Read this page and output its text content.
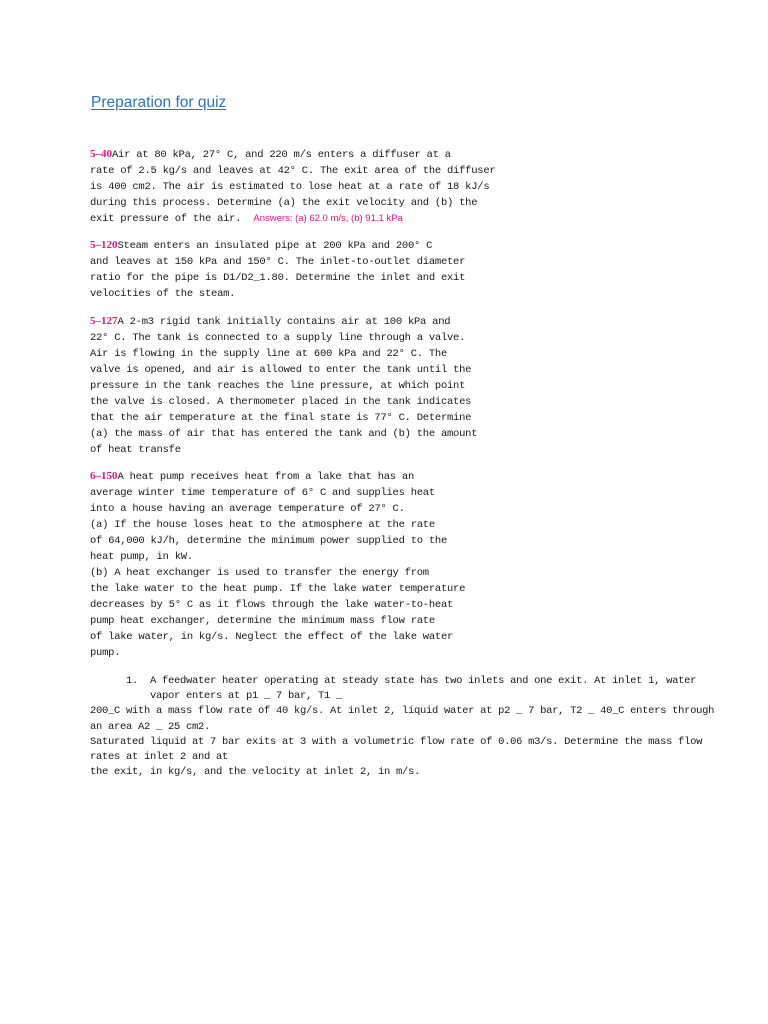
Preparation for quiz
5–40Air at 80 kPa, 27° C, and 220 m/s enters a diffuser at a
rate of 2.5 kg/s and leaves at 42° C. The exit area of the diffuser
is 400 cm2. The air is estimated to lose heat at a rate of 18 kJ/s
during this process. Determine (a) the exit velocity and (b) the
exit pressure of the air. Answers: (a) 62.0 m/s, (b) 91.1 kPa
5–120Steam enters an insulated pipe at 200 kPa and 200° C
and leaves at 150 kPa and 150° C. The inlet-to-outlet diameter
ratio for the pipe is D1/D2_1.80. Determine the inlet and exit
velocities of the steam.
5–127A 2-m3 rigid tank initially contains air at 100 kPa and
22° C. The tank is connected to a supply line through a valve.
Air is flowing in the supply line at 600 kPa and 22° C. The
valve is opened, and air is allowed to enter the tank until the
pressure in the tank reaches the line pressure, at which point
the valve is closed. A thermometer placed in the tank indicates
that the air temperature at the final state is 77° C. Determine
(a) the mass of air that has entered the tank and (b) the amount
of heat transfe
6–150A heat pump receives heat from a lake that has an
average winter time temperature of 6° C and supplies heat
into a house having an average temperature of 27° C.
(a) If the house loses heat to the atmosphere at the rate
of 64,000 kJ/h, determine the minimum power supplied to the
heat pump, in kW.
(b) A heat exchanger is used to transfer the energy from
the lake water to the heat pump. If the lake water temperature
decreases by 5° C as it flows through the lake water-to-heat
pump heat exchanger, determine the minimum mass flow rate
of lake water, in kg/s. Neglect the effect of the lake water
pump.
1. A feedwater heater operating at steady state has two inlets and one exit. At inlet 1, water
vapor enters at p1 _ 7 bar, T1 _
200_C with a mass flow rate of 40 kg/s. At inlet 2, liquid water at p2 _ 7 bar, T2 _ 40_C enters through
an area A2 _ 25 cm2.
Saturated liquid at 7 bar exits at 3 with a volumetric flow rate of 0.06 m3/s. Determine the mass flow
rates at inlet 2 and at
the exit, in kg/s, and the velocity at inlet 2, in m/s.
